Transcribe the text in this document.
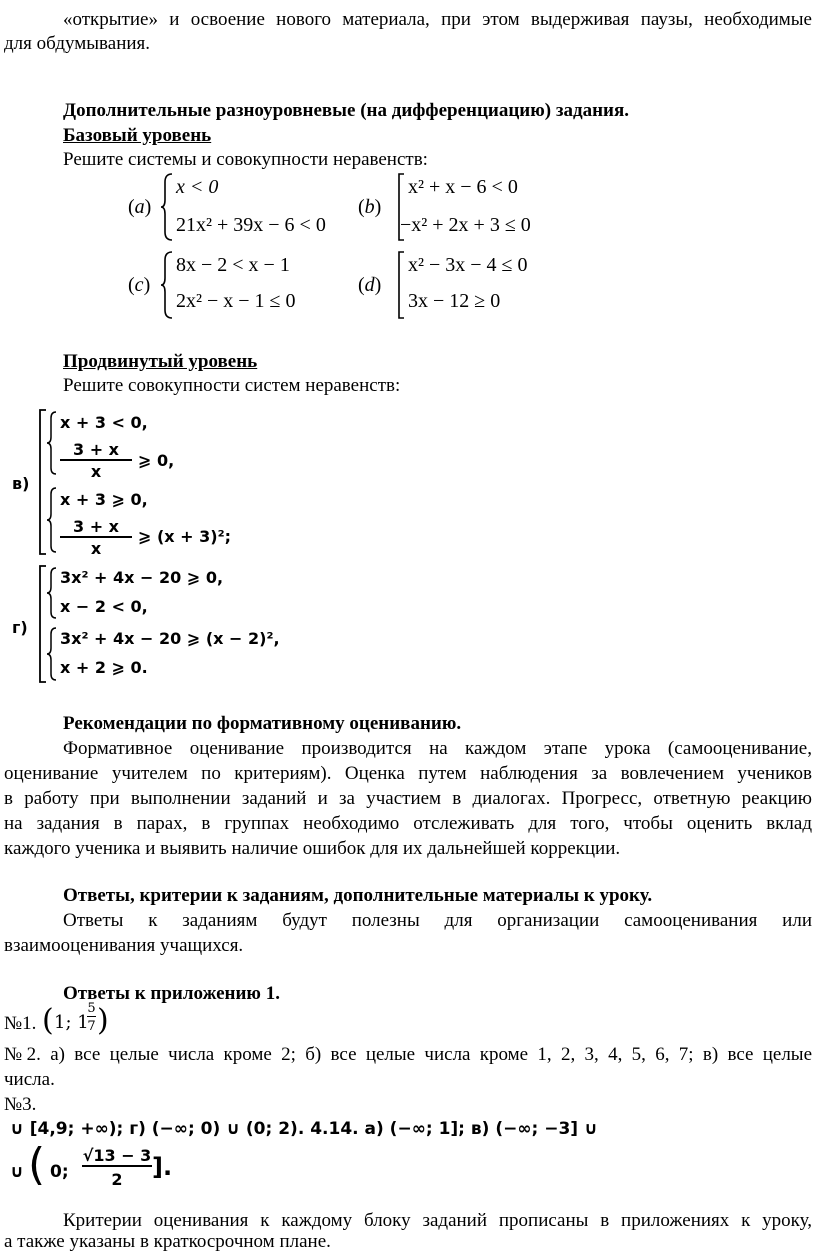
«открытие» и освоение нового материала, при этом выдерживая паузы, необходимые
для обдумывания.
Дополнительные разноуровневые (на дифференциацию) задания.
Базовый уровень
Решите системы и совокупности неравенств:
(a)
x < 0
21x² + 39x − 6 < 0
(b)
x² + x − 6 < 0
−x² + 2x + 3 ≤ 0
(c)
8x − 2 < x − 1
2x² − x − 1 ≤ 0
(d)
x² − 3x − 4 ≤ 0
3x − 12 ≥ 0
Продвинутый уровень
Решите совокупности систем неравенств:
в)
x + 3 < 0,
3 + x
x
⩾ 0,
x + 3 ⩾ 0,
3 + x
x
⩾ (x + 3)²;
г)
3x² + 4x − 20 ⩾ 0,
x − 2 < 0,
3x² + 4x − 20 ⩾ (x − 2)²,
x + 2 ⩾ 0.
Рекомендации по формативному оцениванию.
Формативное оценивание производится на каждом этапе урока (самооценивание,
оценивание учителем по критериям). Оценка путем наблюдения за вовлечением учеников
в работу при выполнении заданий и за участием в диалогах. Прогресс, ответную реакцию
на задания в парах, в группах необходимо отслеживать для того, чтобы оценить вклад
каждого ученика и выявить наличие ошибок для их дальнейшей коррекции.
Ответы, критерии к заданиям, дополнительные материалы к уроку.
Ответы к заданиям будут полезны для организации самооценивания или
взаимооценивания учащихся.
Ответы к приложению 1.
№1. ( 1; 1
5
7 )
№2. а) все целые числа кроме 2; б) все целые числа кроме 1, 2, 3, 4, 5, 6, 7; в) все целые
числа.
№3.
∪ [4,9; +∞); г) (−∞; 0) ∪ (0; 2). 4.14. а) (−∞; 1]; в) (−∞; −3] ∪
∪ ( 0;
√13 − 3
2	].
Критерии оценивания к каждому блоку заданий прописаны в приложениях к уроку,
а также указаны в краткосрочном плане.
